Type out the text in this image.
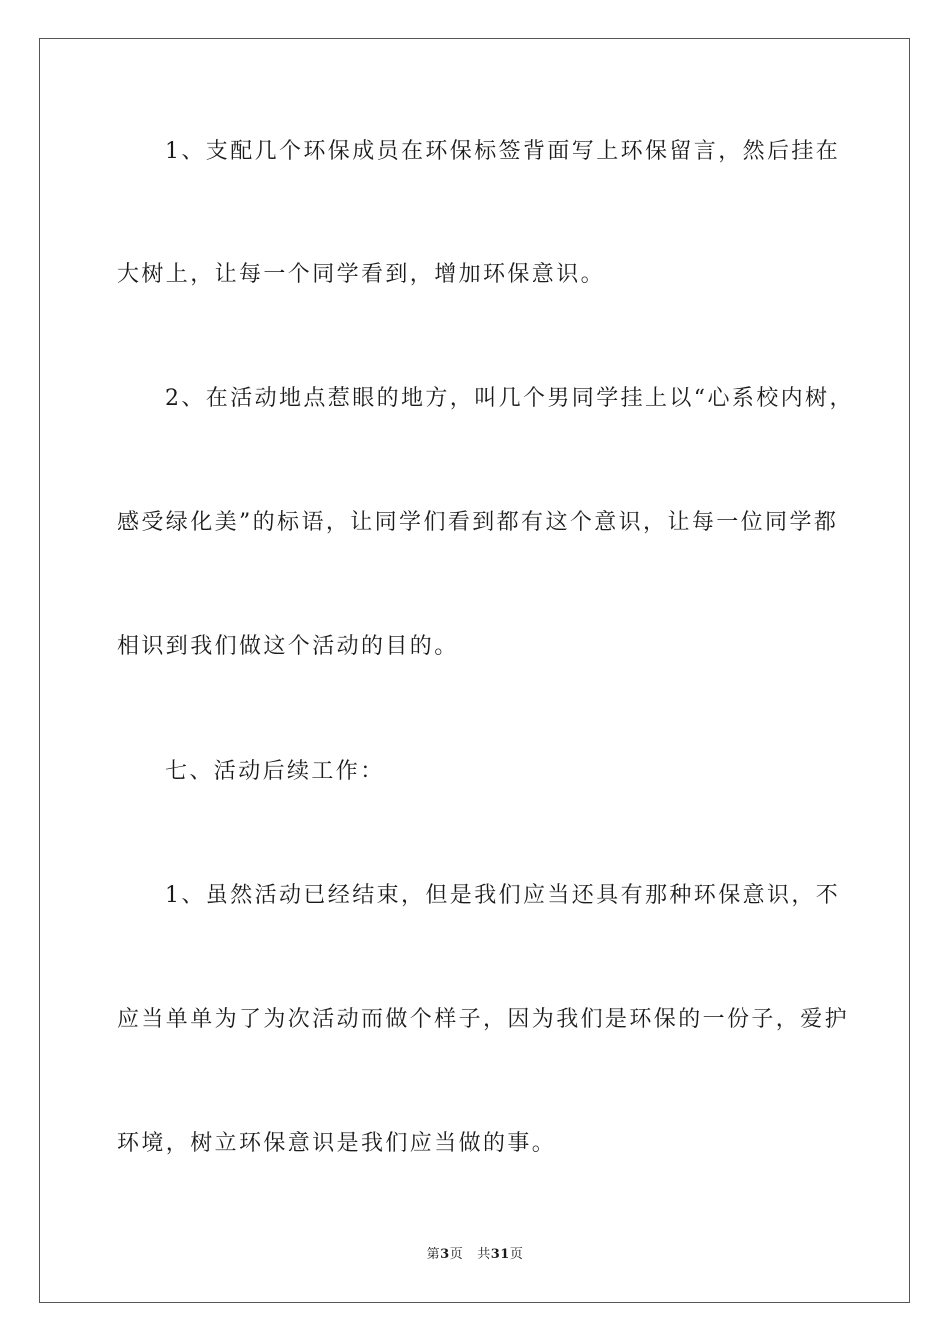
1、支配几个环保成员在环保标签背面写上环保留言，然后挂在
大树上，让每一个同学看到，增加环保意识。
2、在活动地点惹眼的地方，叫几个男同学挂上以“心系校内树，
感受绿化美”的标语，让同学们看到都有这个意识，让每一位同学都
相识到我们做这个活动的目的。
七、活动后续工作：
1、虽然活动已经结束，但是我们应当还具有那种环保意识，不
应当单单为了为次活动而做个样子，因为我们是环保的一份子，爱护
环境，树立环保意识是我们应当做的事。
第3页 共31页
